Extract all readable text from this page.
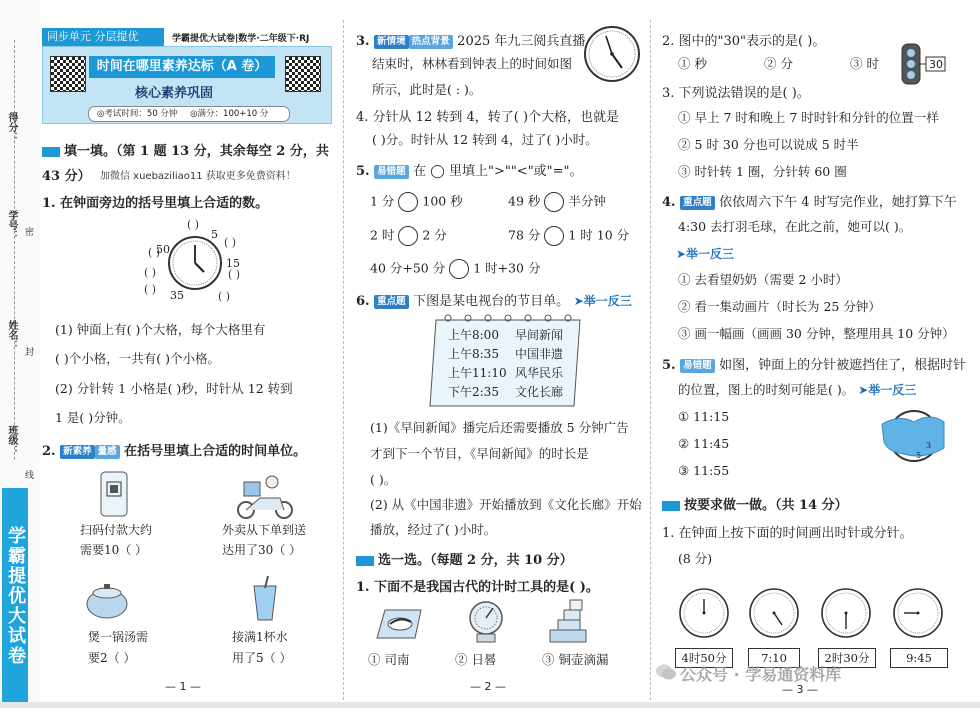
得分：
学号：
姓名：
班级：
密
封
线
学霸提优大试卷
同步单元 分层提优	学霸提优大试卷|数学·二年级下·RJ
时间在哪里素养达标（A 卷）
核心素养巩固
◎考试时间：50 分钟 ◎满分：100+10 分
填一填。（第 1 题 13 分，其余每空 2 分，共
43 分） 加微信 xuebaziliao11 获取更多免费资料！
1. 在钟面旁边的括号里填上合适的数。
( )
( )
( )
( )
( )
( )
( )
5
50
15
35
(1) 钟面上有( )个大格，每个大格里有
( )个小格，一共有( )个小格。
(2) 分针转 1 小格是( )秒，时针从 12 转到
1 是( )分钟。
2. 新素养 量感 在括号里填上合适的时间单位。
扫码付款大约
需要10（ ）
外卖从下单到送
达用了30（ ）
煲一锅汤需
要2（ ）
接满1杯水
用了5（ ）
— 1 —
3. 新情境 热点背景 2025 年九三阅兵直播
结束时，林林看到钟表上的时间如图
所示，此时是( : )。
4. 分针从 12 转到 4，转了( )个大格，也就是
( )分。时针从 12 转到 4，过了( )小时。
5. 易错题 在 ◯ 里填上">""<"或"="。
1 分 100 秒	49 秒 半分钟
2 时 2 分	78 分 1 时 10 分
40 分+50 分 1 时+30 分
6. 重点题 下图是某电视台的节目单。 ➤举一反三
上午8:00 早间新闻
上午8:35 中国非遗
上午11:10 风华民乐
下午2:35 文化长廊
(1)《早间新闻》播完后还需要播放 5 分钟广告
才到下一个节目，《早间新闻》的时长是
( )。
(2) 从《中国非遗》开始播放到《文化长廊》开始
播放，经过了( )小时。
选一选。（每题 2 分，共 10 分）
1. 下面不是我国古代的计时工具的是( )。
① 司南	② 日晷	③ 铜壶滴漏
— 2 —
2. 图中的"30"表示的是( )。
① 秒	② 分	③ 时	30
3. 下列说法错误的是( )。
① 早上 7 时和晚上 7 时时针和分针的位置一样
② 5 时 30 分也可以说成 5 时半
③ 时针转 1 圈，分针转 60 圈
4. 重点题 依依周六下午 4 时写完作业，她打算下午
4:30 去打羽毛球，在此之前，她可以( )。
➤举一反三
① 去看望奶奶（需要 2 小时）
② 看一集动画片（时长为 25 分钟）
③ 画一幅画（画画 30 分钟，整理用具 10 分钟）
5. 易错题 如图，钟面上的分针被遮挡住了，根据时针
的位置，图上的时刻可能是( )。 ➤举一反三
① 11:15
② 11:45
③ 11:55
3
5
按要求做一做。（共 14 分）
1. 在钟面上按下面的时间画出时针或分针。
(8 分)
4时50分	7:10	2时30分	9:45
— 3 —
公众号 · 学易通资料库
